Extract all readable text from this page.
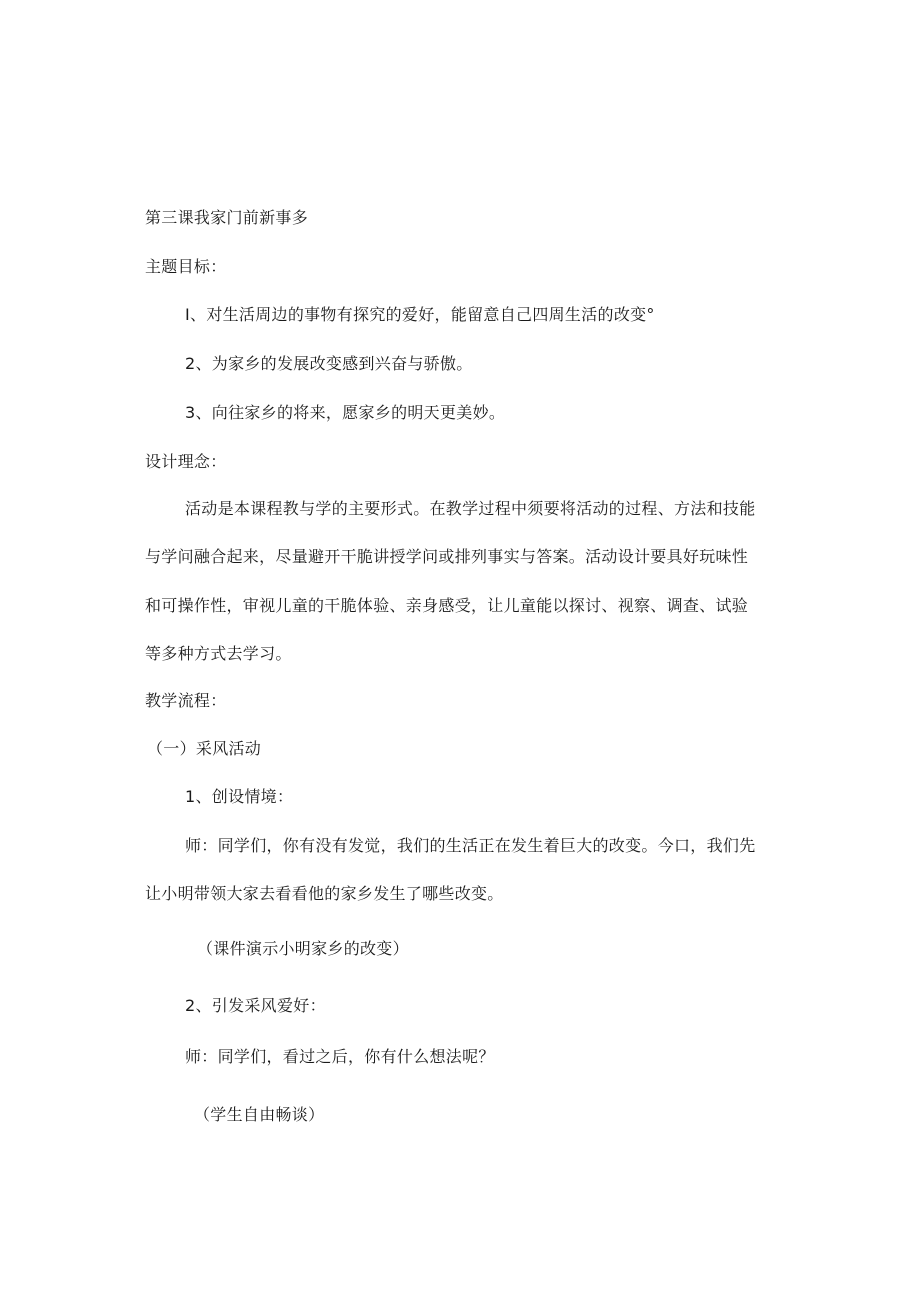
第三课我家门前新事多
主题目标：
I、对生活周边的事物有探究的爱好，能留意自己四周生活的改变°
2、为家乡的发展改变感到兴奋与骄傲。
3、向往家乡的将来，愿家乡的明天更美妙。
设计理念：
活动是本课程教与学的主要形式。在教学过程中须要将活动的过程、方法和技能
与学问融合起来，尽量避开干脆讲授学问或排列事实与答案。活动设计要具好玩味性
和可操作性，审视儿童的干脆体验、亲身感受，让儿童能以探讨、视察、调查、试验
等多种方式去学习。
教学流程：
（一）采风活动
1、创设情境：
师：同学们，你有没有发觉，我们的生活正在发生着巨大的改变。今口，我们先
让小明带领大家去看看他的家乡发生了哪些改变。
（课件演示小明家乡的改变）
2、引发采风爱好：
师：同学们，看过之后，你有什么想法呢？
（学生自由畅谈）
